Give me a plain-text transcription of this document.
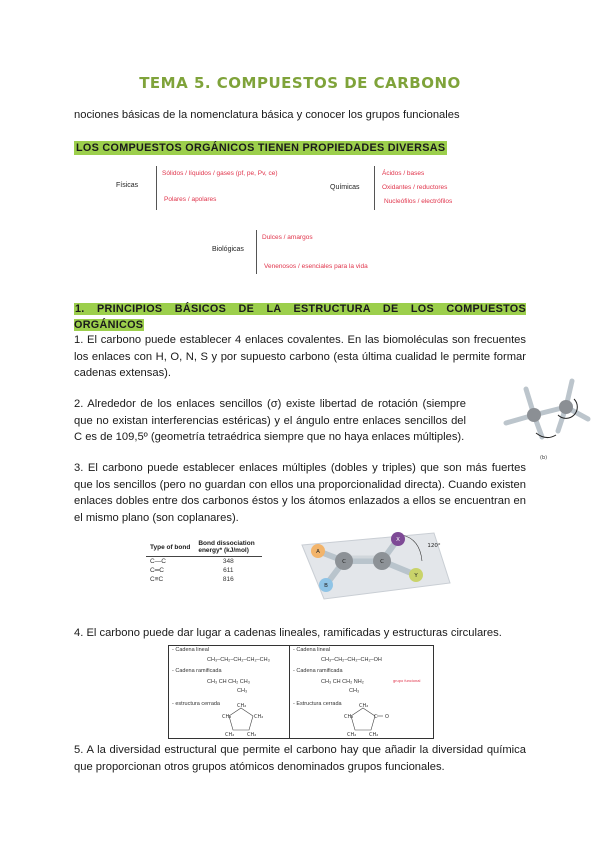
TEMA 5. COMPUESTOS DE CARBONO
nociones básicas de la nomenclatura básica y conocer los grupos funcionales
LOS COMPUESTOS ORGÁNICOS TIENEN PROPIEDADES DIVERSAS
Físicas
Sólidos / líquidos / gases (pf, pe, Pv, ce)
Polares / apolares
Químicas
Ácidos / bases
Oxidantes / reductores
Nucleófilos / electrófilos
Biológicas
Dulces / amargos
Venenosos / esenciales para la vida
1. PRINCIPIOS BÁSICOS DE LA ESTRUCTURA DE LOS COMPUESTOS ORGÁNICOS
1. El carbono puede establecer 4 enlaces covalentes. En las biomoléculas son frecuentes los enlaces con H, O, N, S y por supuesto carbono (esta última cualidad le permite formar cadenas extensas).
2. Alrededor de los enlaces sencillos (σ) existe libertad de rotación (siempre que no existan interferencias estéricas) y el ángulo entre enlaces sencillos del C es de 109,5º (geometría tetraédrica siempre que no haya enlaces múltiples).
3. El carbono puede establecer enlaces múltiples (dobles y triples) que son más fuertes que los sencillos (pero no guardan con ellos una proporcionalidad directa). Cuando existen enlaces dobles entre dos carbonos éstos y los átomos enlazados a ellos se encuentran en el mismo plano (son coplanares).
4. El carbono puede dar lugar a cadenas lineales, ramificadas y estructuras circulares.
5. A la diversidad estructural que permite el carbono hay que añadir la diversidad química que proporcionan otros grupos atómicos denominados grupos funcionales.
(b)
Type of bond	Bond dissociation energy* (kJ/mol)
C—C	348
C═C	611
C≡C	816
A
B
C	C
X
Y
120°
- Cadena lineal
CH₃–CH₂–CH₂–CH₂–CH₃
- Cadena ramificada
CH₃ CH CH₂ CH₃
CH₃
- estructura cerrada	CH₂
CH₂
CH₂
CH₂
CH₂
- Cadena lineal
CH₃–CH₂–CH₂–CH₂–OH
- Cadena ramificada
CH₃ CH CH₂ NH₂
CH₃
grupo funcional
- Estructura cerrada	CH₂
CH₂	C
CH₂	CH₂
O
